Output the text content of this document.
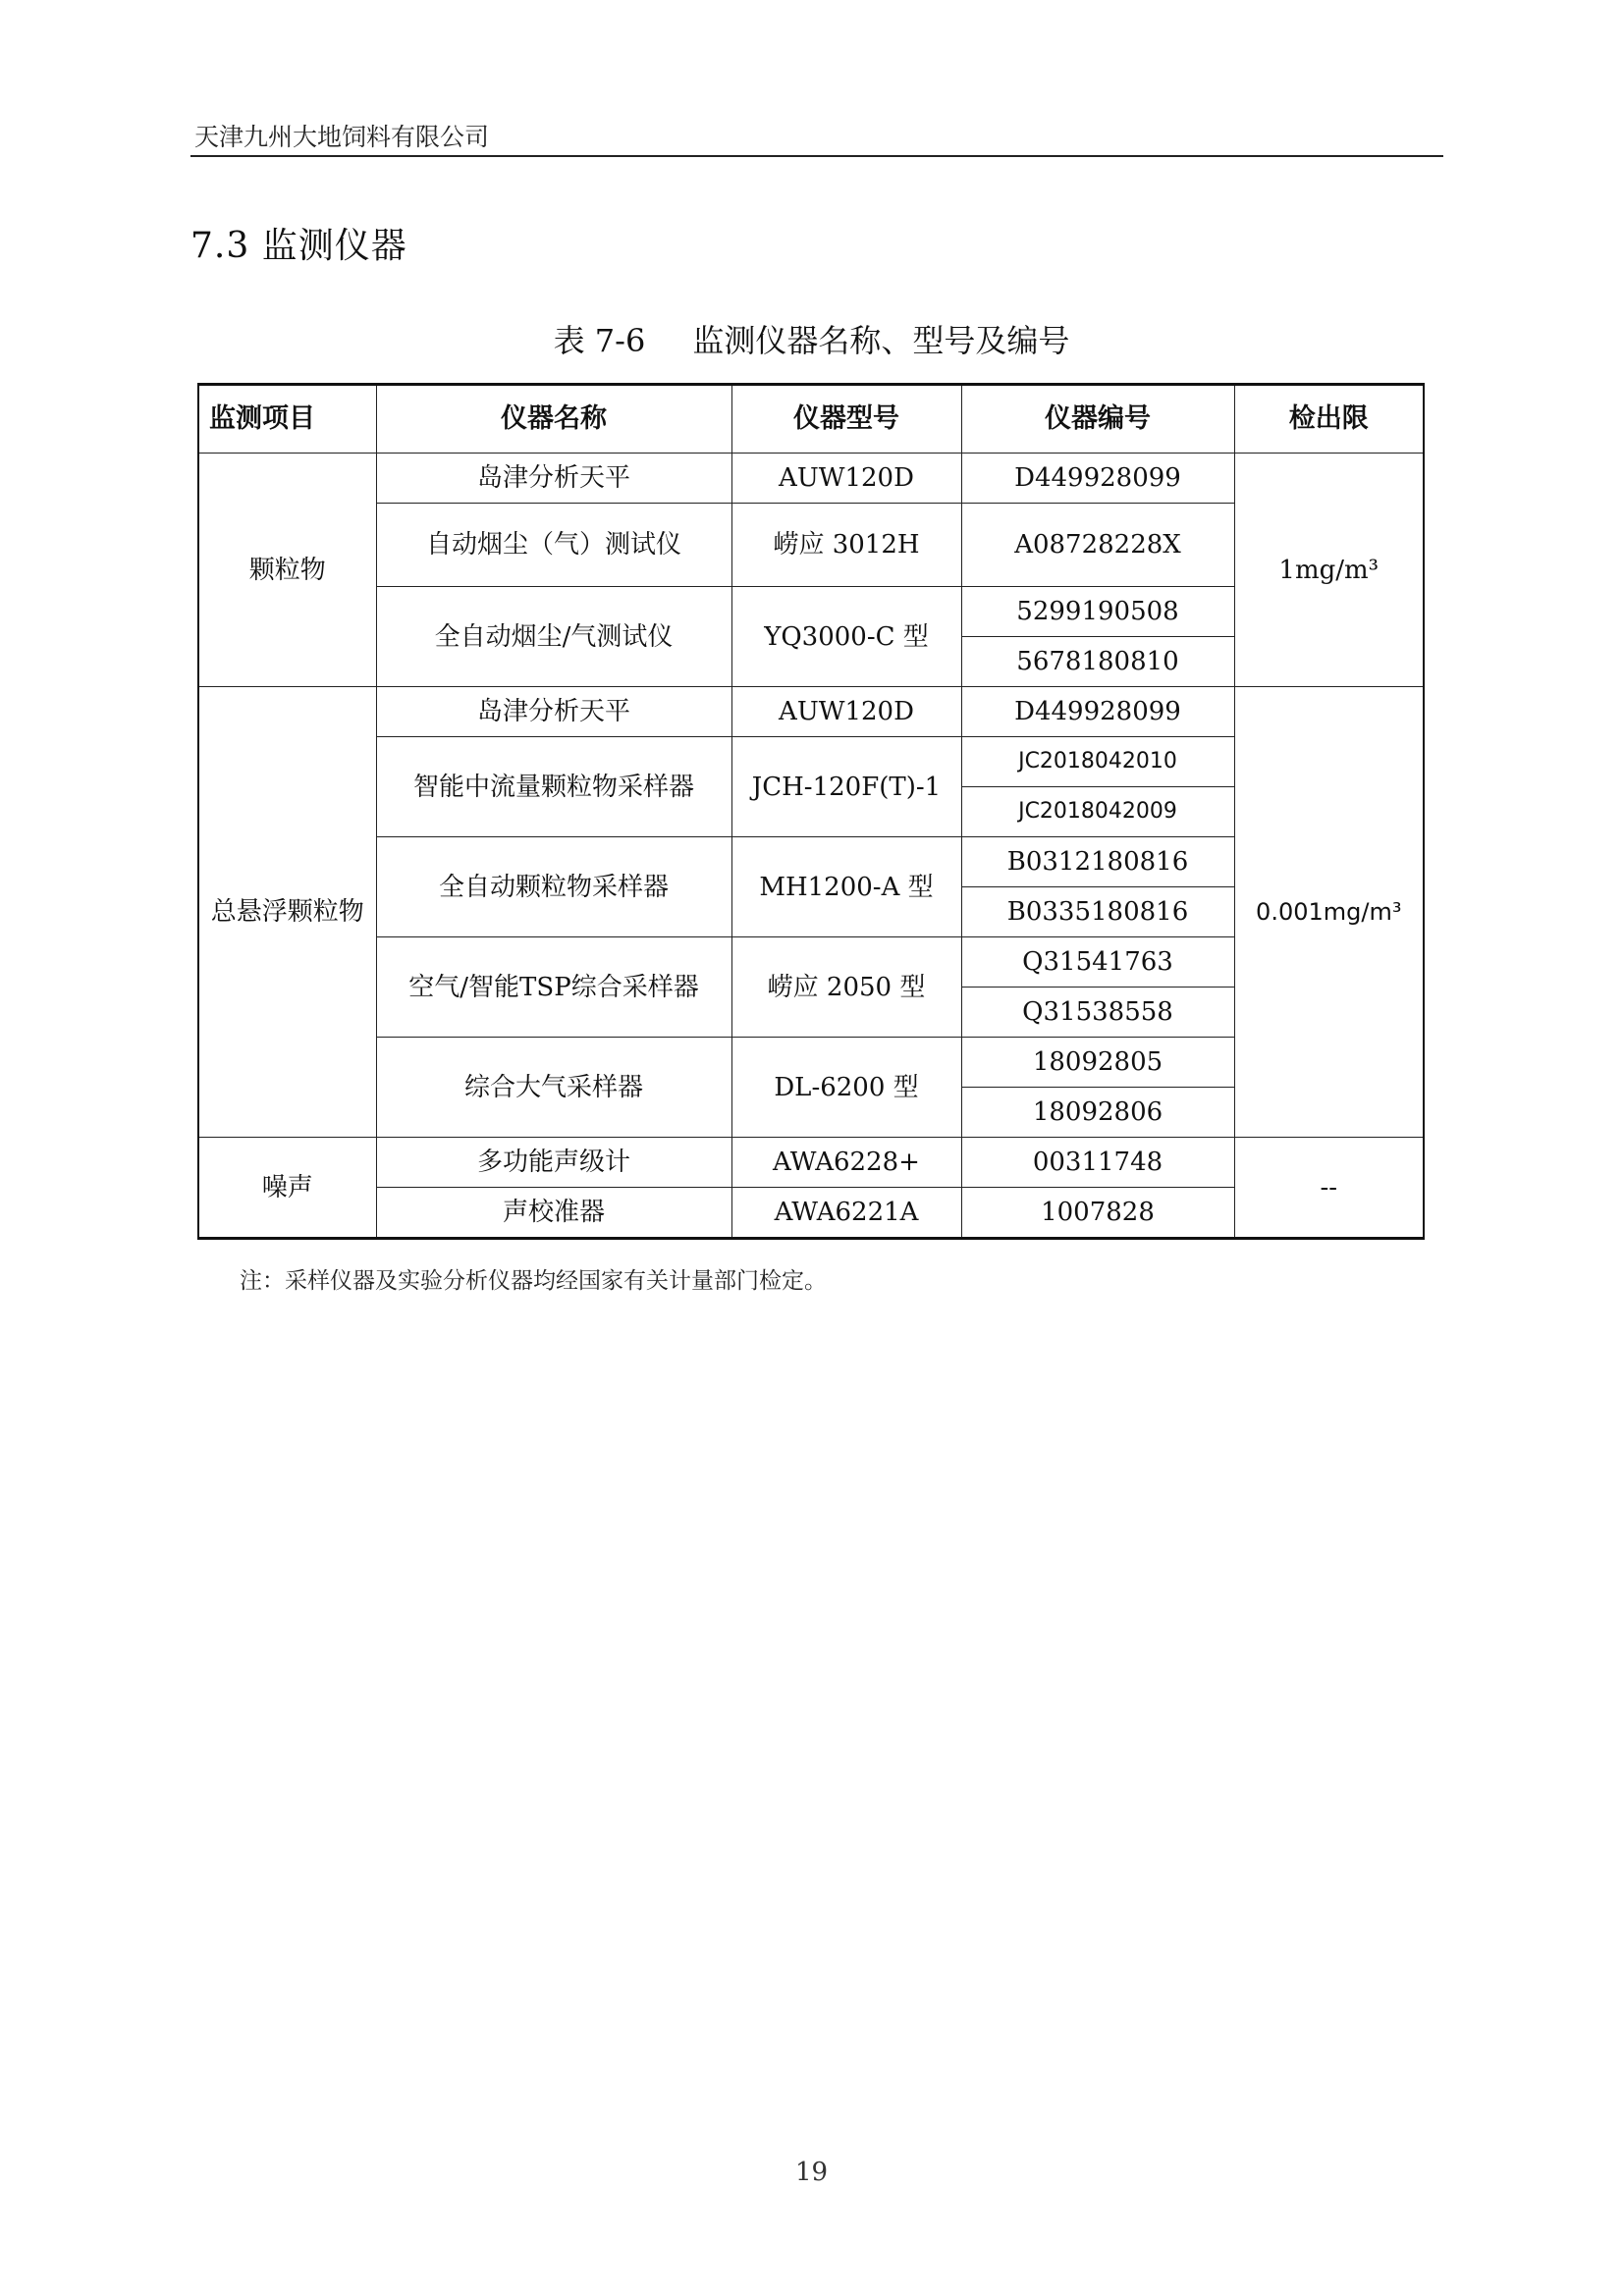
天津九州大地饲料有限公司
7.3 监测仪器
表 7-6 监测仪器名称、型号及编号
监测项目	仪器名称	仪器型号	仪器编号	检出限
颗粒物	岛津分析天平	AUW120D	D449928099	1mg/m³
	自动烟尘（气）测试仪	崂应 3012H	A08728228X	
	全自动烟尘/气测试仪	YQ3000-C 型	5299190508	
			5678180810	
总悬浮颗粒物	岛津分析天平	AUW120D	D449928099	0.001mg/m³
	智能中流量颗粒物采样器	JCH-120F(T)-1	JC2018042010	
			JC2018042009	
	全自动颗粒物采样器	MH1200-A 型	B0312180816	
			B0335180816	
	空气/智能TSP综合采样器	崂应 2050 型	Q31541763	
			Q31538558	
	综合大气采样器	DL-6200 型	18092805	
			18092806	
噪声	多功能声级计	AWA6228+	00311748	--
	声校准器	AWA6221A	1007828	
注：采样仪器及实验分析仪器均经国家有关计量部门检定。
19
